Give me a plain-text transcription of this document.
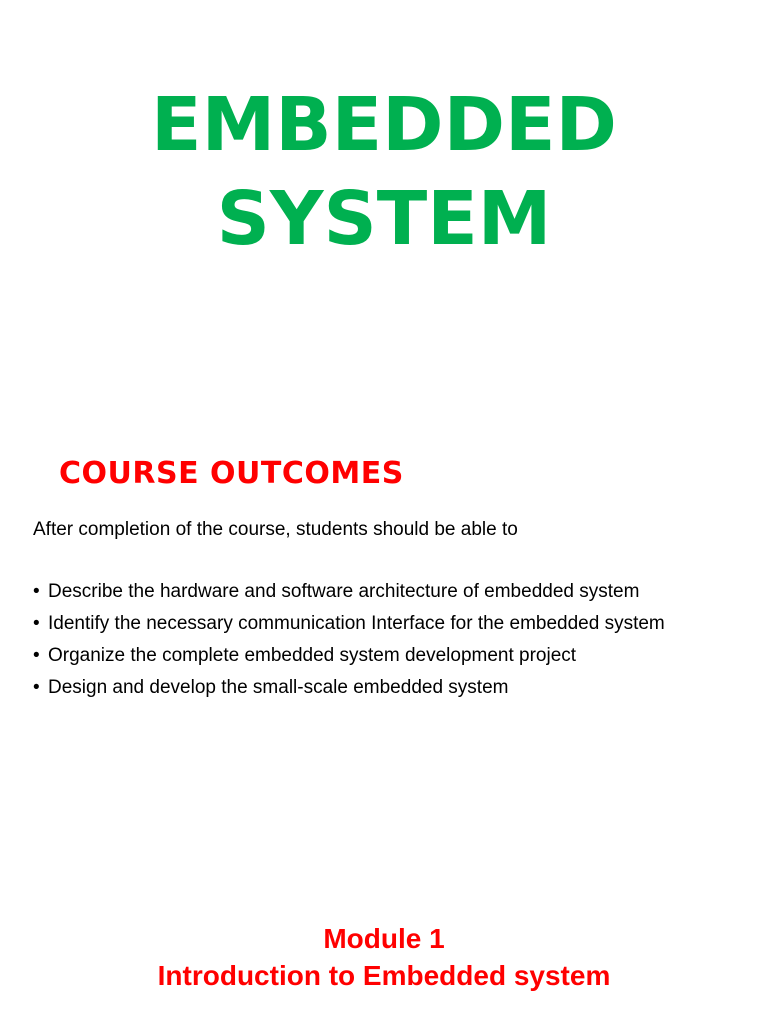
EMBEDDED
SYSTEM
COURSE OUTCOMES

After completion of the course, students should be able to

• Describe the hardware and software architecture of embedded system
• Identify the necessary communication Interface for the embedded system
• Organize the complete embedded system development project
• Design and develop the small-scale embedded system
Module 1
Introduction to Embedded system
